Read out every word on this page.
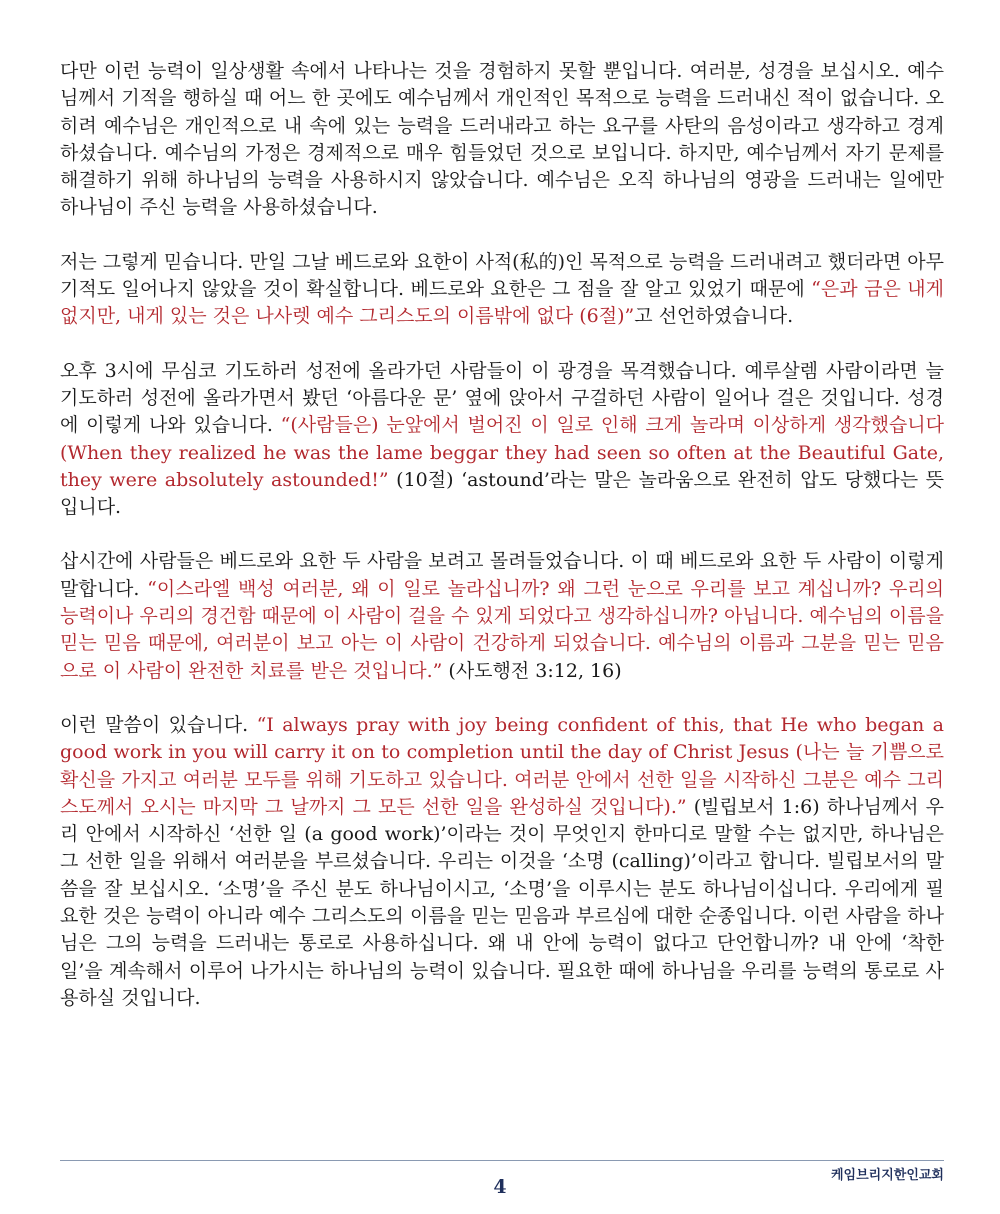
다만 이런 능력이 일상생활 속에서 나타나는 것을 경험하지 못할 뿐입니다. 여러분, 성경을 보십시오. 예수님께서 기적을 행하실 때 어느 한 곳에도 예수님께서 개인적인 목적으로 능력을 드러내신 적이 없습니다. 오히려 예수님은 개인적으로 내 속에 있는 능력을 드러내라고 하는 요구를 사탄의 음성이라고 생각하고 경계하셨습니다. 예수님의 가정은 경제적으로 매우 힘들었던 것으로 보입니다. 하지만, 예수님께서 자기 문제를 해결하기 위해 하나님의 능력을 사용하시지 않았습니다. 예수님은 오직 하나님의 영광을 드러내는 일에만 하나님이 주신 능력을 사용하셨습니다.

저는 그렇게 믿습니다. 만일 그날 베드로와 요한이 사적(私的)인 목적으로 능력을 드러내려고 했더라면 아무 기적도 일어나지 않았을 것이 확실합니다. 베드로와 요한은 그 점을 잘 알고 있었기 때문에 “은과 금은 내게 없지만, 내게 있는 것은 나사렛 예수 그리스도의 이름밖에 없다 (6절)”고 선언하였습니다.

오후 3시에 무심코 기도하러 성전에 올라가던 사람들이 이 광경을 목격했습니다. 예루살렘 사람이라면 늘 기도하러 성전에 올라가면서 봤던 ‘아름다운 문’ 옆에 앉아서 구걸하던 사람이 일어나 걸은 것입니다. 성경에 이렇게 나와 있습니다. “(사람들은) 눈앞에서 벌어진 이 일로 인해 크게 놀라며 이상하게 생각했습니다 (When they realized he was the lame beggar they had seen so often at the Beautiful Gate, they were absolutely astounded!” (10절) ‘astound’라는 말은 놀라움으로 완전히 압도 당했다는 뜻입니다.

삽시간에 사람들은 베드로와 요한 두 사람을 보려고 몰려들었습니다. 이 때 베드로와 요한 두 사람이 이렇게 말합니다. “이스라엘 백성 여러분, 왜 이 일로 놀라십니까? 왜 그런 눈으로 우리를 보고 계십니까? 우리의 능력이나 우리의 경건함 때문에 이 사람이 걸을 수 있게 되었다고 생각하십니까? 아닙니다. 예수님의 이름을 믿는 믿음 때문에, 여러분이 보고 아는 이 사람이 건강하게 되었습니다. 예수님의 이름과 그분을 믿는 믿음으로 이 사람이 완전한 치료를 받은 것입니다.” (사도행전 3:12, 16)

이런 말씀이 있습니다. “I always pray with joy being confident of this, that He who began a good work in you will carry it on to completion until the day of Christ Jesus (나는 늘 기쁨으로 확신을 가지고 여러분 모두를 위해 기도하고 있습니다. 여러분 안에서 선한 일을 시작하신 그분은 예수 그리스도께서 오시는 마지막 그 날까지 그 모든 선한 일을 완성하실 것입니다).” (빌립보서 1:6) 하나님께서 우리 안에서 시작하신 ‘선한 일 (a good work)’이라는 것이 무엇인지 한마디로 말할 수는 없지만, 하나님은 그 선한 일을 위해서 여러분을 부르셨습니다. 우리는 이것을 ‘소명 (calling)’이라고 합니다. 빌립보서의 말씀을 잘 보십시오. ‘소명’을 주신 분도 하나님이시고, ‘소명’을 이루시는 분도 하나님이십니다. 우리에게 필요한 것은 능력이 아니라 예수 그리스도의 이름을 믿는 믿음과 부르심에 대한 순종입니다. 이런 사람을 하나님은 그의 능력을 드러내는 통로로 사용하십니다. 왜 내 안에 능력이 없다고 단언합니까? 내 안에 ‘착한 일’을 계속해서 이루어 나가시는 하나님의 능력이 있습니다. 필요한 때에 하나님을 우리를 능력의 통로로 사용하실 것입니다.

케임브리지한인교회
4
